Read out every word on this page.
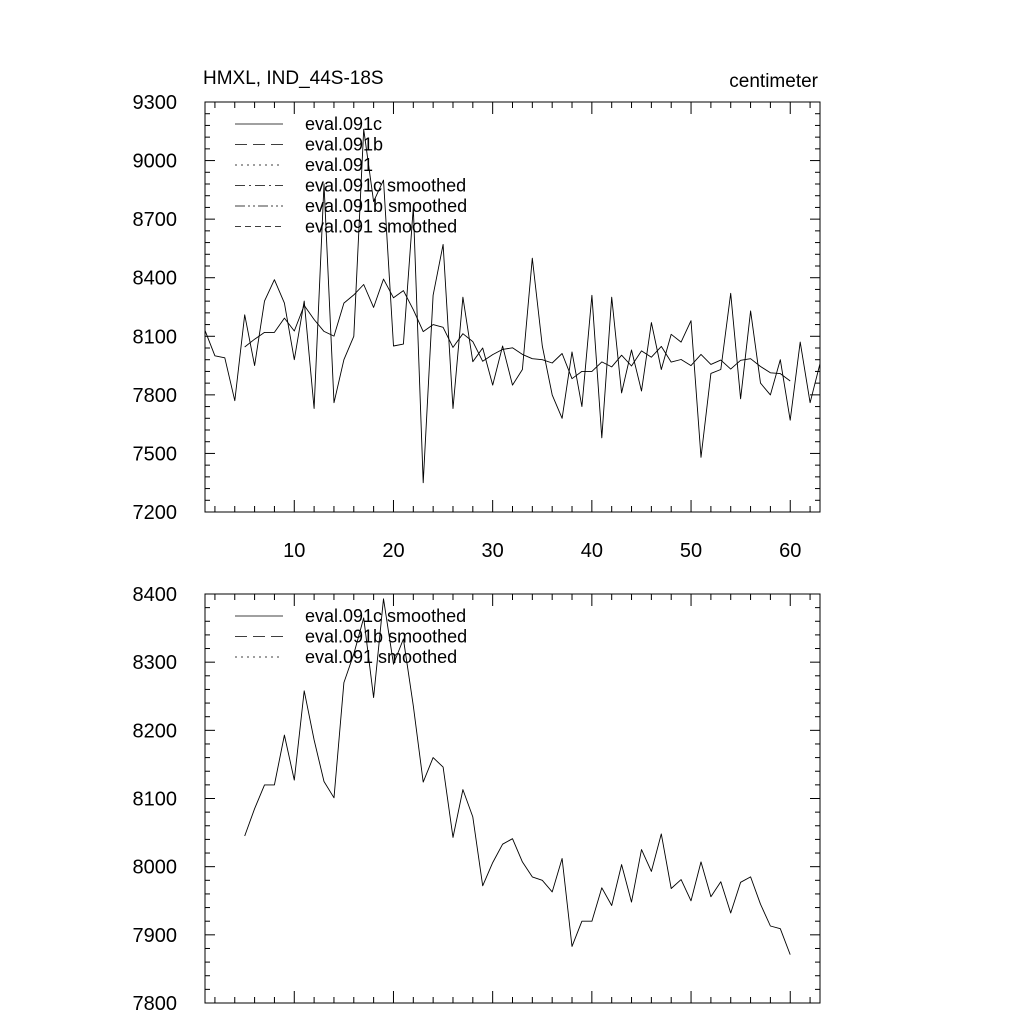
HMXL, IND_44S-18S	centimeter
7200
7500
7800
8100
8400
8700
9000
9300
10	20	30	40	50	60
eval.091c
eval.091b
eval.091
eval.091c smoothed
eval.091b smoothed
eval.091 smoothed
7800
7900
8000
8100
8200
8300
8400
eval.091c smoothed
eval.091b smoothed
eval.091 smoothed
